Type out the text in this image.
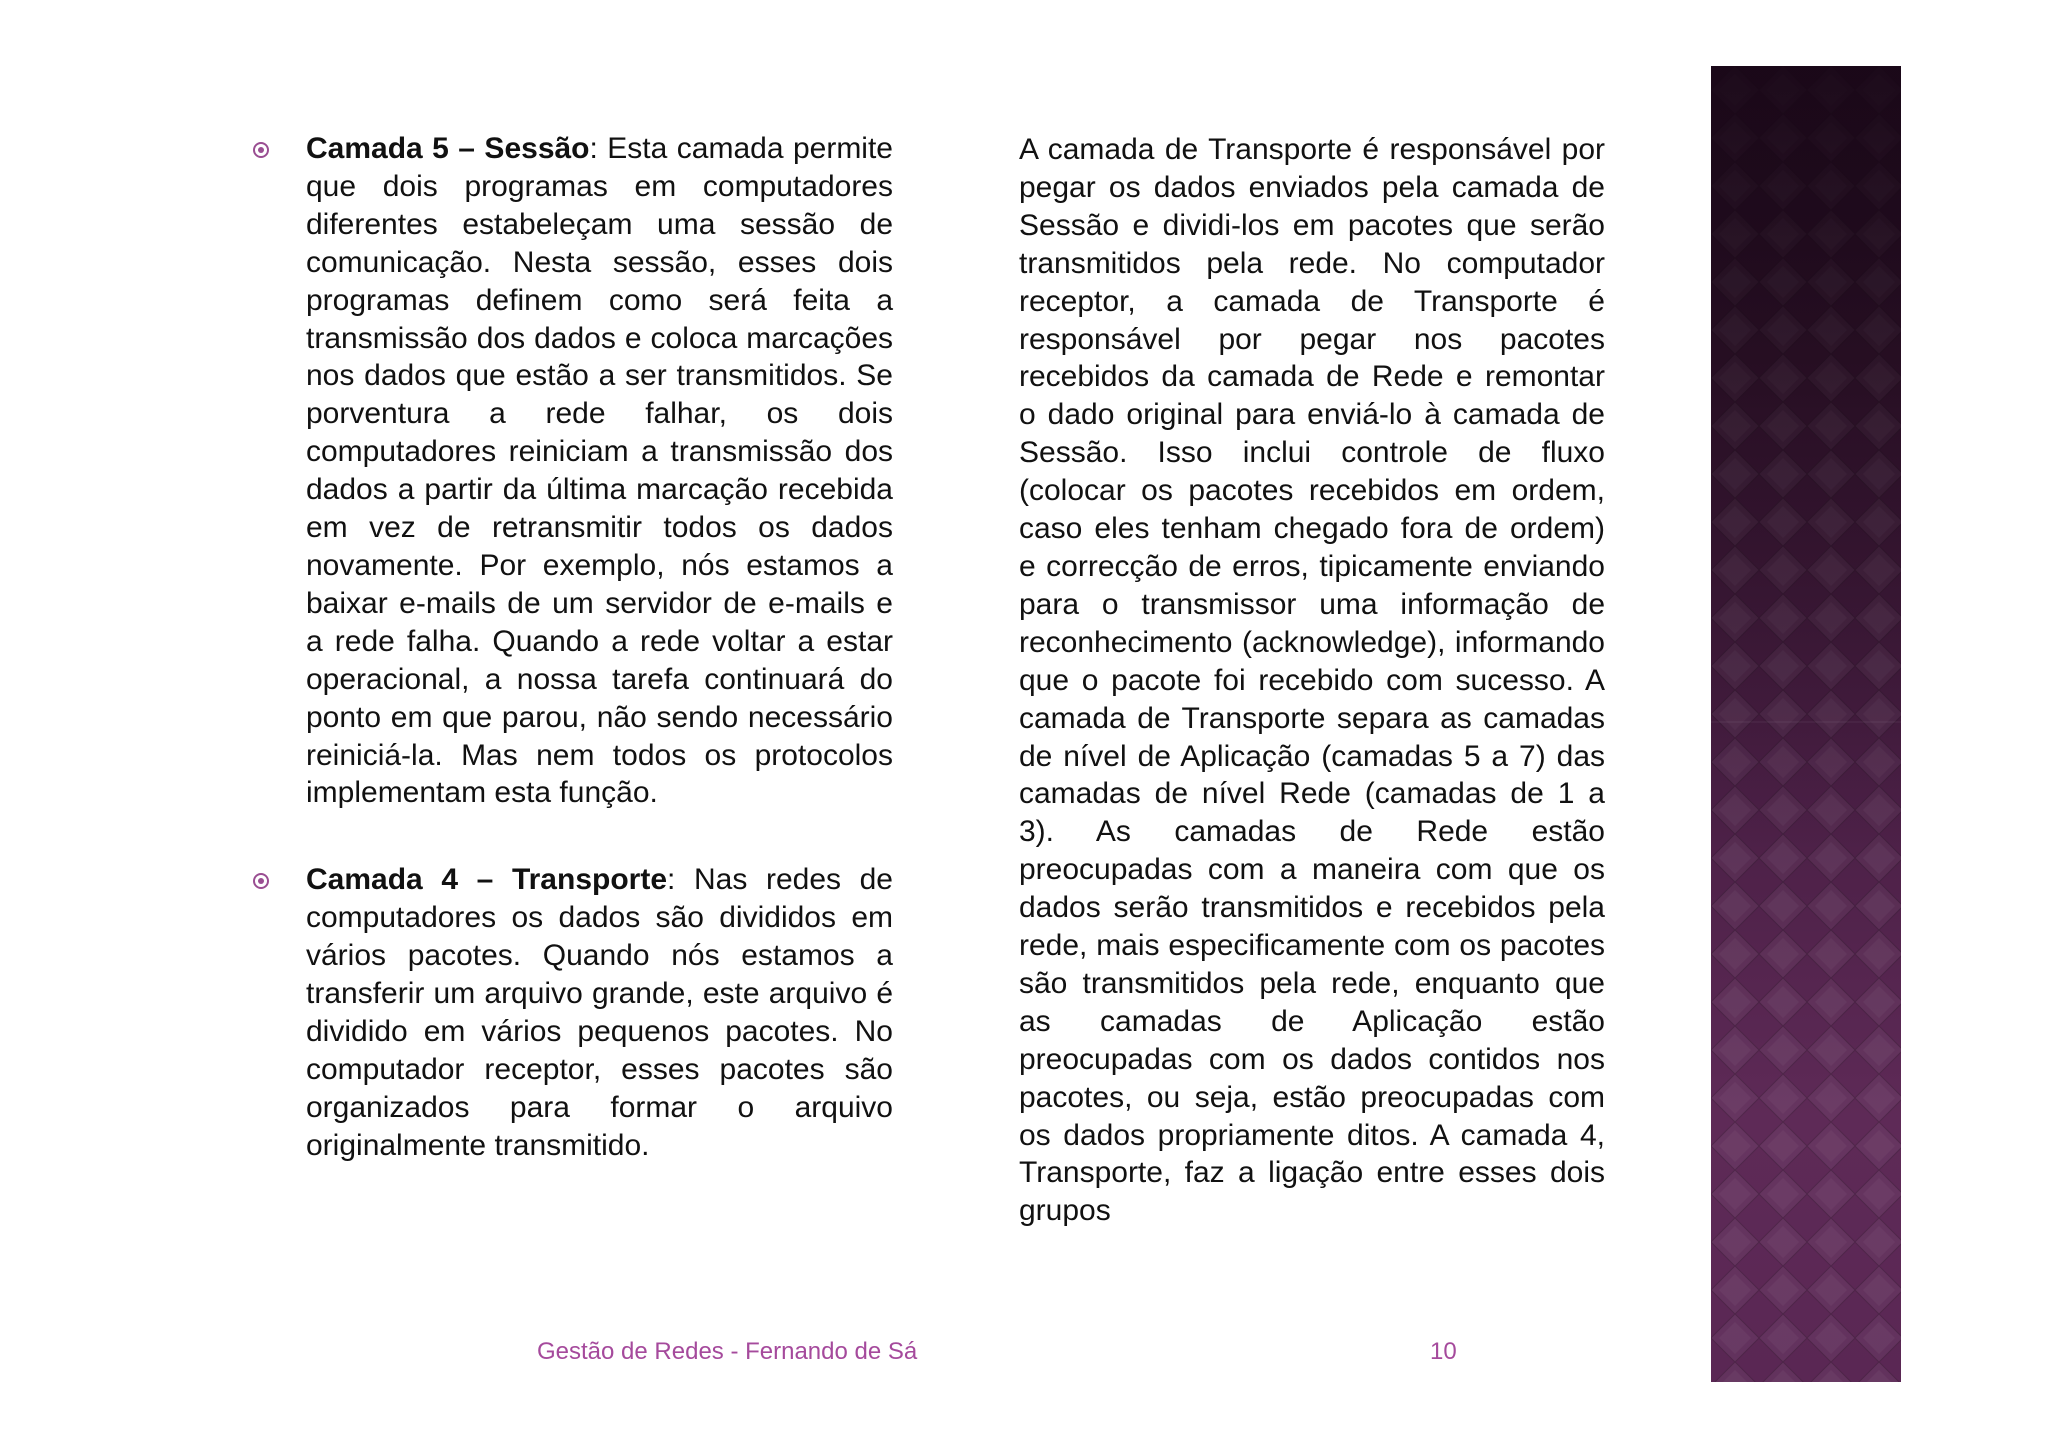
Camada 5 – Sessão: Esta camada permite que dois programas em computadores diferentes estabeleçam uma sessão de comunicação. Nesta sessão, esses dois programas definem como será feita a transmissão dos dados e coloca marcações nos dados que estão a ser transmitidos. Se porventura a rede falhar, os dois computadores reiniciam a transmissão dos dados a partir da última marcação recebida em vez de retransmitir todos os dados novamente. Por exemplo, nós estamos a baixar e-mails de um servidor de e-mails e a rede falha. Quando a rede voltar a estar operacional, a nossa tarefa continuará do ponto em que parou, não sendo necessário reiniciá-la. Mas nem todos os protocolos implementam esta função.

Camada 4 – Transporte: Nas redes de computadores os dados são divididos em vários pacotes. Quando nós estamos a transferir um arquivo grande, este arquivo é dividido em vários pequenos pacotes. No computador receptor, esses pacotes são organizados para formar o arquivo originalmente transmitido.

A camada de Transporte é responsável por pegar os dados enviados pela camada de Sessão e dividi-los em pacotes que serão transmitidos pela rede. No computador receptor, a camada de Transporte é responsável por pegar nos pacotes recebidos da camada de Rede e remontar o dado original para enviá-lo à camada de Sessão. Isso inclui controle de fluxo (colocar os pacotes recebidos em ordem, caso eles tenham chegado fora de ordem) e correcção de erros, tipicamente enviando para o transmissor uma informação de reconhecimento (acknowledge), informando que o pacote foi recebido com sucesso. A camada de Transporte separa as camadas de nível de Aplicação (camadas 5 a 7) das camadas de nível Rede (camadas de 1 a 3). As camadas de Rede estão preocupadas com a maneira com que os dados serão transmitidos e recebidos pela rede, mais especificamente com os pacotes são transmitidos pela rede, enquanto que as camadas de Aplicação estão preocupadas com os dados contidos nos pacotes, ou seja, estão preocupadas com os dados propriamente ditos. A camada 4, Transporte, faz a ligação entre esses dois grupos

Gestão de Redes - Fernando de Sá	10
